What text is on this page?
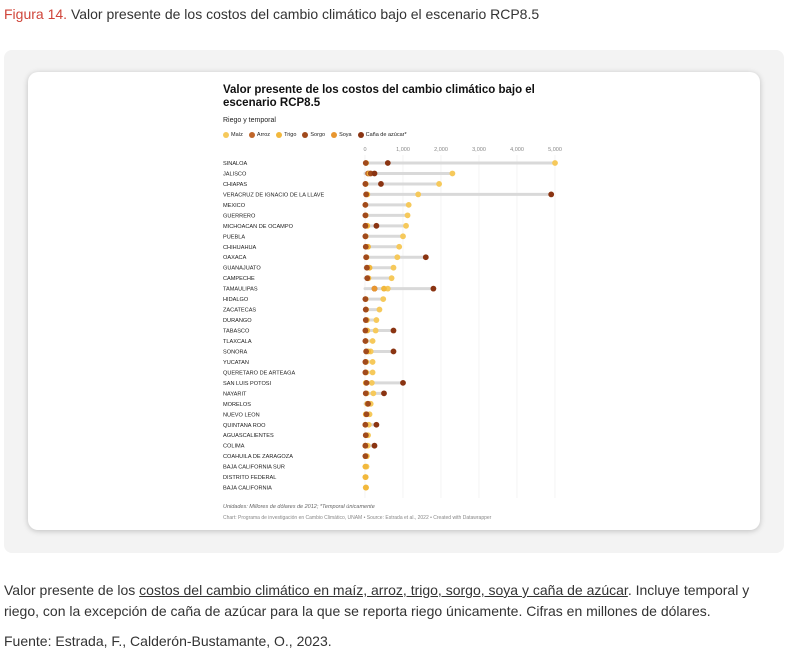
Figura 14. Valor presente de los costos del cambio climático bajo el escenario RCP8.5
Valor presente de los costos del cambio climático bajo el escenario RCP8.5
Riego y temporal
Maíz	Arroz	Trigo	Sorgo	Soya	Caña de azúcar*
0	1,000	2,000	3,000	4,000	5,000
SINALOA
JALISCO
CHIAPAS
VERACRUZ DE IGNACIO DE LA LLAVE
MEXICO
GUERRERO
MICHOACAN DE OCAMPO
PUEBLA
CHIHUAHUA
OAXACA
GUANAJUATO
CAMPECHE
TAMAULIPAS
HIDALGO
ZACATECAS
DURANGO
TABASCO
TLAXCALA
SONORA
YUCATAN
QUERETARO DE ARTEAGA
SAN LUIS POTOSI
NAYARIT
MORELOS
NUEVO LEON
QUINTANA ROO
AGUASCALIENTES
COLIMA
COAHUILA DE ZARAGOZA
BAJA CALIFORNIA SUR
DISTRITO FEDERAL
BAJA CALIFORNIA
Unidades: Millores de dólares de 2012; *Temporal únicamente
Chart: Programa de investigación en Cambio Climático, UNAM • Source: Estrada et al., 2022 • Created with Datawrapper
Valor presente de los costos del cambio climático en maíz, arroz, trigo, sorgo, soya y caña de azúcar. Incluye temporal y riego, con la excepción de caña de azúcar para la que se reporta riego únicamente. Cifras en millones de dólares.
Fuente: Estrada, F., Calderón-Bustamante, O., 2023.
